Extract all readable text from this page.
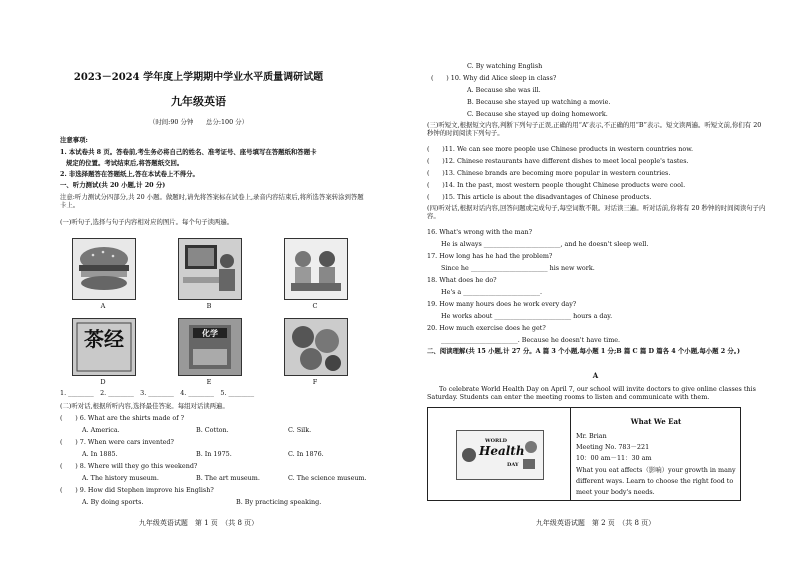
2023－2024 学年度上学期期中学业水平质量调研试题
九年级英语
（时间:90 分钟　　总分:100 分）
注意事项:
1. 本试卷共 8 页。答卷前,考生务必将自己的姓名、准考证号、座号填写在答题纸和答题卡
规定的位置。考试结束后,将答题纸交回。
2. 非选择题答在答题纸上,答在本试卷上不得分。
一、听力测试(共 20 小题,计 20 分)
注意:听力测试分四部分,共 20 小题。做题时,请先将答案标在试卷上,录音内容结束后,将所选答案转涂到答题卡上。
(一)听句子,选择与句子内容相对应的图片。每个句子读两遍。
A	B	C
茶经	化学
D	E	F
1. ________　2. ________　3. ________　4. ________　5. ________
(二)听对话,根据所听内容,选择最佳答案。每组对话读两遍。
(　　) 6. What are the shirts made of ?
A. America.	B. Cotton.	C. Silk.
(　　) 7. When were cars invented?
A. In 1885.	B. In 1975.	C. In 1876.
(　　) 8. Where will they go this weekend?
A. The history museum.	B. The art museum.	C. The science museum.
(　　) 9. How did Stephen improve his English?
A. By doing sports.	B. By practicing speaking.
九年级英语试题　第 1 页　（共 8 页）
C. By watching English
(　　) 10. Why did Alice sleep in class?
A. Because she was ill.
B. Because she stayed up watching a movie.
C. Because she stayed up doing homework.
(三)听短文,根据短文内容,判断下列句子正误,正确的用“A”表示,不正确的用“B”表示。短文读两遍。听短文前,你们有 20 秒钟的时间阅读下列句子。
(　　)11. We can see more people use Chinese products in western countries now.
(　　)12. Chinese restaurants have different dishes to meet local people's tastes.
(　　)13. Chinese brands are becoming more popular in western countries.
(　　)14. In the past, most western people thought Chinese products were cool.
(　　)15. This article is about the disadvantages of Chinese products.
(四)听对话,根据对话内容,回答问题或完成句子,每空词数不限。对话读三遍。听对话前,你将有 20 秒钟的时间阅读句子内容。
16. What's wrong with the man?
He is always ________________________, and he doesn't sleep well.
17. How long has he had the problem?
Since he ________________________ his new work.
18. What does he do?
He's a ________________________.
19. How many hours does he work every day?
He works about ________________________ hours a day.
20. How much exercise does he get?
________________________. Because he doesn't have time.
二、阅读理解(共 15 小题,计 27 分。A 篇 3 个小题,每小题 1 分;B 篇 C 篇 D 篇各 4 个小题,每小题 2 分。)
A
To celebrate World Health Day on April 7, our school will invite doctors to give online classes this Saturday. Students can enter the meeting rooms to listen and communicate with them.
九年级英语试题　第 2 页　（共 8 页）
WORLD
Health
DAY
What We Eat
Mr. Brian
Meeting No. 783－221
10：00 am－11：30 am
What you eat affects（影响）your growth in many
different ways. Learn to choose the right food to
meet your body's needs.
